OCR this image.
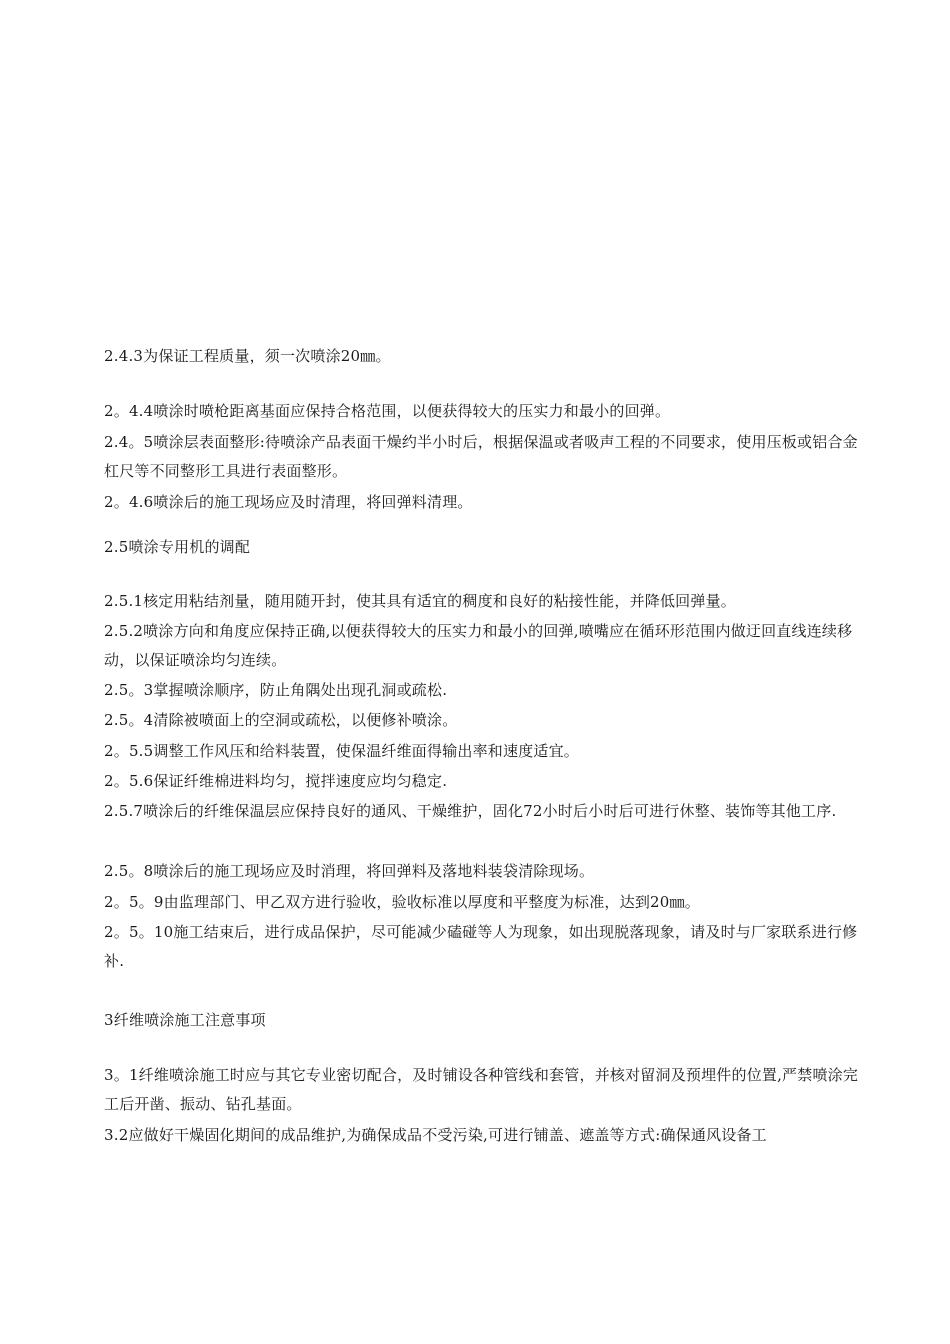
2.4.3为保证工程质量，须一次喷涂20㎜。
2。4.4喷涂时喷枪距离基面应保持合格范围，以便获得较大的压实力和最小的回弹。
2.4。5喷涂层表面整形:待喷涂产品表面干燥约半小时后，根据保温或者吸声工程的不同要求，使用压板或铝合金杠尺等不同整形工具进行表面整形。
2。4.6喷涂后的施工现场应及时清理，将回弹料清理。
2.5喷涂专用机的调配
2.5.1核定用粘结剂量，随用随开封，使其具有适宜的稠度和良好的粘接性能，并降低回弹量。
2.5.2喷涂方向和角度应保持正确,以便获得较大的压实力和最小的回弹,喷嘴应在循环形范围内做迂回直线连续移动，以保证喷涂均匀连续。
2.5。3掌握喷涂顺序，防止角隅处出现孔洞或疏松.
2.5。4清除被喷面上的空洞或疏松，以便修补喷涂。
2。5.5调整工作风压和给料装置，使保温纤维面得输出率和速度适宜。
2。5.6保证纤维棉进料均匀，搅拌速度应均匀稳定.
2.5.7喷涂后的纤维保温层应保持良好的通风、干燥维护，固化72小时后小时后可进行休整、装饰等其他工序.
2.5。8喷涂后的施工现场应及时消理，将回弹料及落地料装袋清除现场。
2。5。9由监理部门、甲乙双方进行验收，验收标准以厚度和平整度为标准，达到20㎜。
2。5。10施工结束后，进行成品保护，尽可能减少磕碰等人为现象，如出现脱落现象，请及时与厂家联系进行修补.
3纤维喷涂施工注意事项
3。1纤维喷涂施工时应与其它专业密切配合，及时铺设各种管线和套管，并核对留洞及预埋件的位置,严禁喷涂完工后开凿、振动、钻孔基面。
3.2应做好干燥固化期间的成品维护,为确保成品不受污染,可进行铺盖、遮盖等方式:确保通风设备工
